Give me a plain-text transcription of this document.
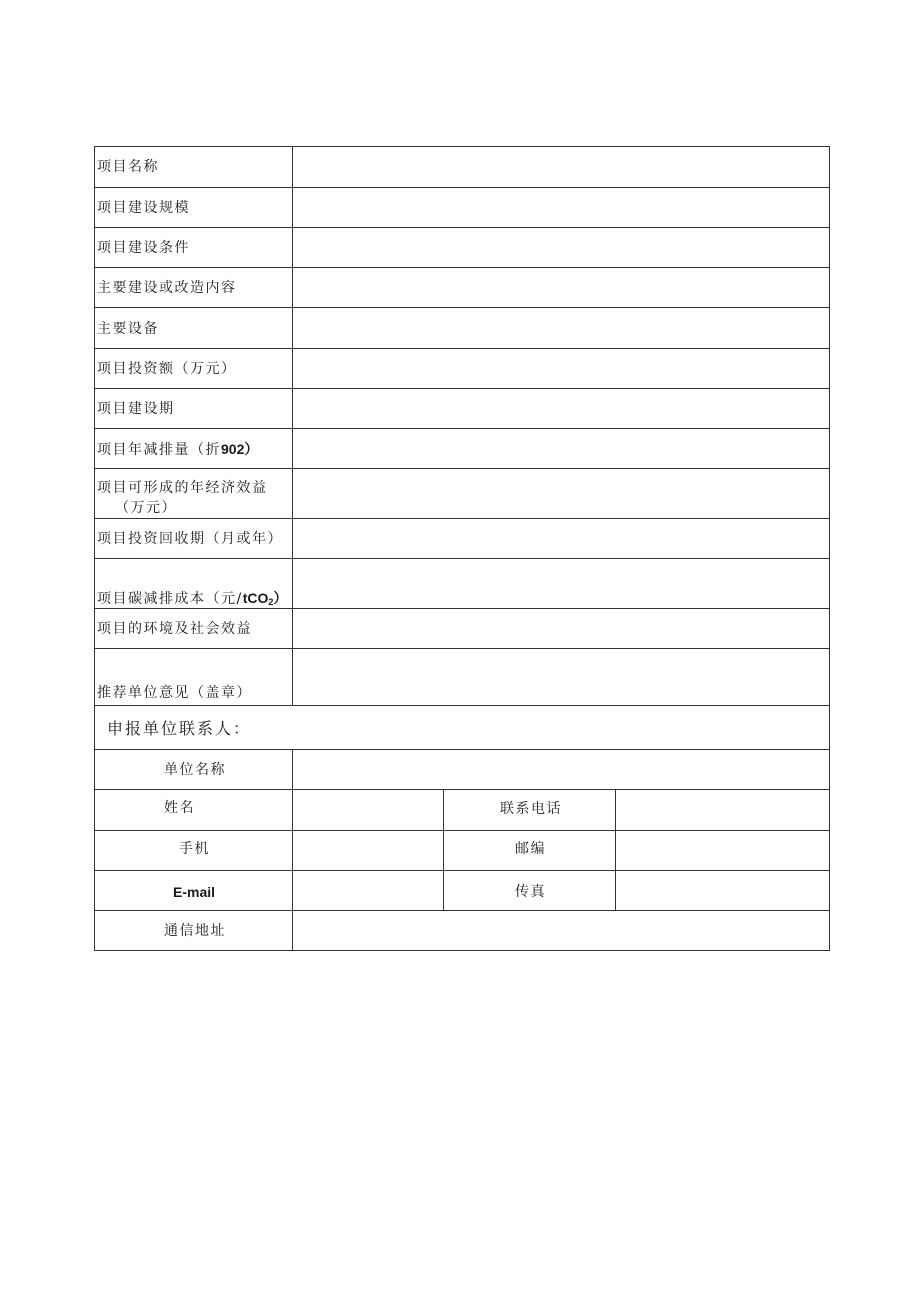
项目名称
项目建设规模
项目建设条件
主要建设或改造内容
主要设备
项目投资额（万元）
项目建设期
项目年减排量（折902）
项目可形成的年经济效益
（万元）
项目投资回收期（月或年）
项目碳减排成本（元/tCO$_2$）
项目的环境及社会效益
推荐单位意见（盖章）
申报单位联系人：
单位名称
姓名	联系电话
手机	邮编
E-mail	传真
通信地址
